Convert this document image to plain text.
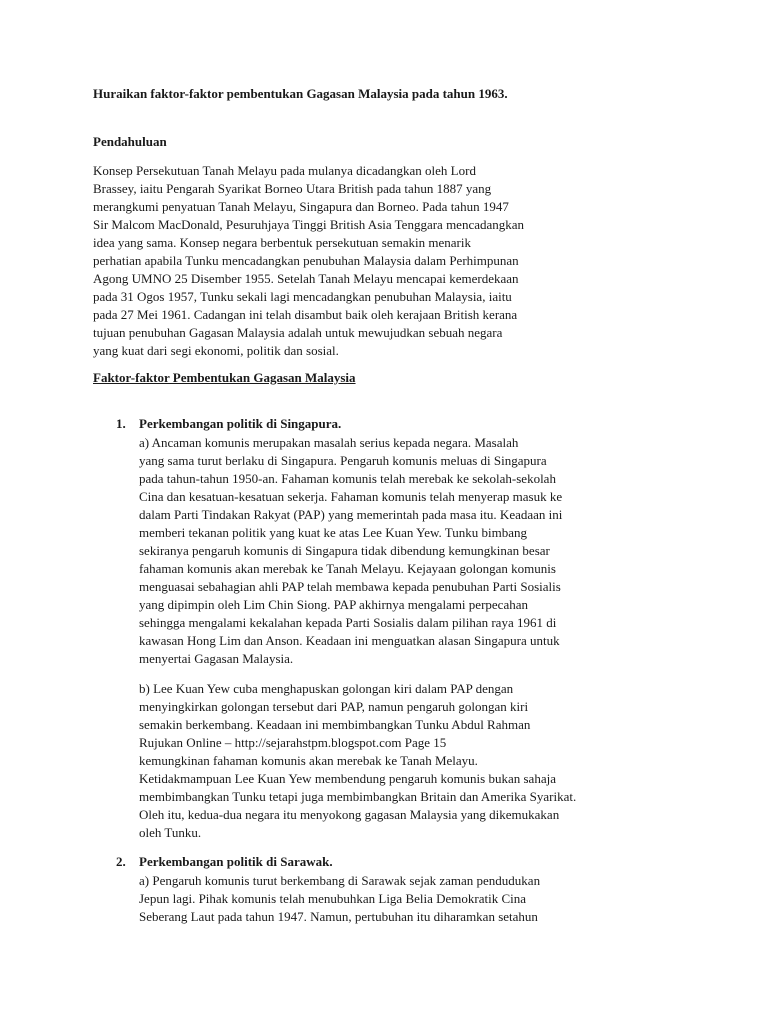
Huraikan faktor-faktor pembentukan Gagasan Malaysia pada tahun 1963.
Pendahuluan
Konsep Persekutuan Tanah Melayu pada mulanya dicadangkan oleh Lord
Brassey, iaitu Pengarah Syarikat Borneo Utara British pada tahun 1887 yang
merangkumi penyatuan Tanah Melayu, Singapura dan Borneo. Pada tahun 1947
Sir Malcom MacDonald, Pesuruhjaya Tinggi British Asia Tenggara mencadangkan
idea yang sama. Konsep negara berbentuk persekutuan semakin menarik
perhatian apabila Tunku mencadangkan penubuhan Malaysia dalam Perhimpunan
Agong UMNO 25 Disember 1955. Setelah Tanah Melayu mencapai kemerdekaan
pada 31 Ogos 1957, Tunku sekali lagi mencadangkan penubuhan Malaysia, iaitu
pada 27 Mei 1961. Cadangan ini telah disambut baik oleh kerajaan British kerana
tujuan penubuhan Gagasan Malaysia adalah untuk mewujudkan sebuah negara
yang kuat dari segi ekonomi, politik dan sosial.
Faktor-faktor Pembentukan Gagasan Malaysia
1. Perkembangan politik di Singapura.
a) Ancaman komunis merupakan masalah serius kepada negara. Masalah
yang sama turut berlaku di Singapura. Pengaruh komunis meluas di Singapura
pada tahun-tahun 1950-an. Fahaman komunis telah merebak ke sekolah-sekolah
Cina dan kesatuan-kesatuan sekerja. Fahaman komunis telah menyerap masuk ke
dalam Parti Tindakan Rakyat (PAP) yang memerintah pada masa itu. Keadaan ini
memberi tekanan politik yang kuat ke atas Lee Kuan Yew. Tunku bimbang
sekiranya pengaruh komunis di Singapura tidak dibendung kemungkinan besar
fahaman komunis akan merebak ke Tanah Melayu. Kejayaan golongan komunis
menguasai sebahagian ahli PAP telah membawa kepada penubuhan Parti Sosialis
yang dipimpin oleh Lim Chin Siong. PAP akhirnya mengalami perpecahan
sehingga mengalami kekalahan kepada Parti Sosialis dalam pilihan raya 1961 di
kawasan Hong Lim dan Anson. Keadaan ini menguatkan alasan Singapura untuk
menyertai Gagasan Malaysia.
b) Lee Kuan Yew cuba menghapuskan golongan kiri dalam PAP dengan
menyingkirkan golongan tersebut dari PAP, namun pengaruh golongan kiri
semakin berkembang. Keadaan ini membimbangkan Tunku Abdul Rahman
Rujukan Online – http://sejarahstpm.blogspot.com Page 15
kemungkinan fahaman komunis akan merebak ke Tanah Melayu.
Ketidakmampuan Lee Kuan Yew membendung pengaruh komunis bukan sahaja
membimbangkan Tunku tetapi juga membimbangkan Britain dan Amerika Syarikat.
Oleh itu, kedua-dua negara itu menyokong gagasan Malaysia yang dikemukakan
oleh Tunku.
2. Perkembangan politik di Sarawak.
a) Pengaruh komunis turut berkembang di Sarawak sejak zaman pendudukan
Jepun lagi. Pihak komunis telah menubuhkan Liga Belia Demokratik Cina
Seberang Laut pada tahun 1947. Namun, pertubuhan itu diharamkan setahun
